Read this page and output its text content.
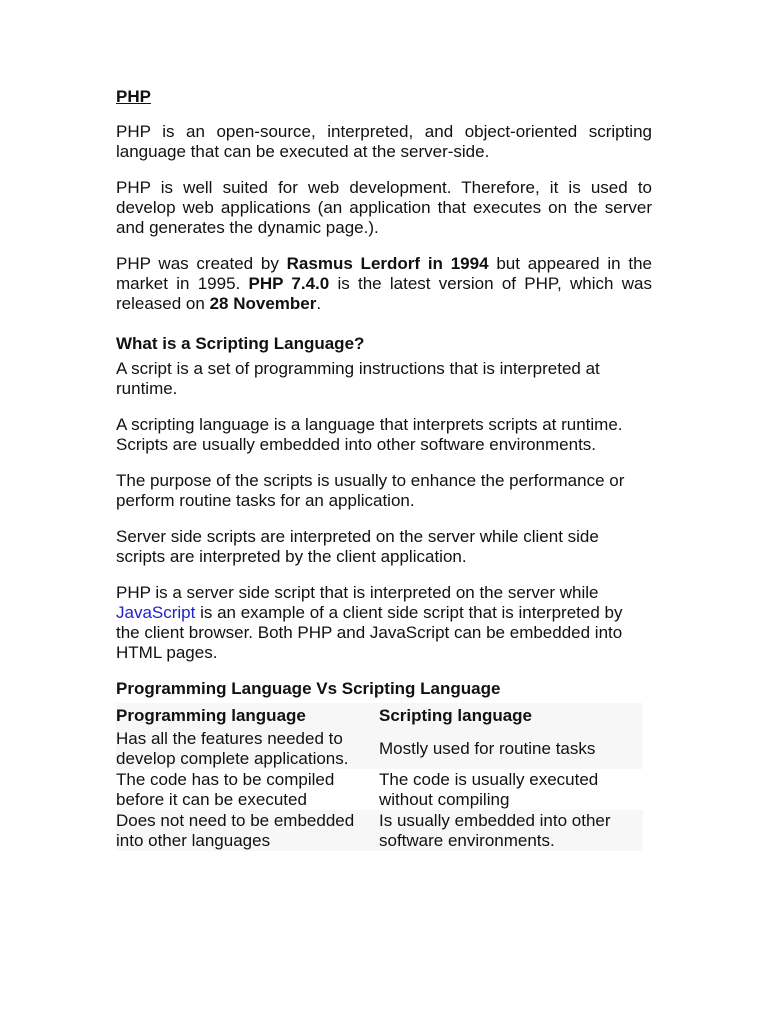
PHP

PHP is an open-source, interpreted, and object-oriented scripting language that can be executed at the server-side.

PHP is well suited for web development. Therefore, it is used to develop web applications (an application that executes on the server and generates the dynamic page.).

PHP was created by Rasmus Lerdorf in 1994 but appeared in the market in 1995. PHP 7.4.0 is the latest version of PHP, which was released on 28 November.

What is a Scripting Language?

A script is a set of programming instructions that is interpreted at runtime.

A scripting language is a language that interprets scripts at runtime. Scripts are usually embedded into other software environments.

The purpose of the scripts is usually to enhance the performance or perform routine tasks for an application.

Server side scripts are interpreted on the server while client side scripts are interpreted by the client application.

PHP is a server side script that is interpreted on the server while JavaScript is an example of a client side script that is interpreted by the client browser. Both PHP and JavaScript can be embedded into HTML pages.

Programming Language Vs Scripting Language
Programming language	Scripting language
Has all the features needed to develop complete applications.	Mostly used for routine tasks
The code has to be compiled before it can be executed	The code is usually executed without compiling
Does not need to be embedded into other languages	Is usually embedded into other software environments.
